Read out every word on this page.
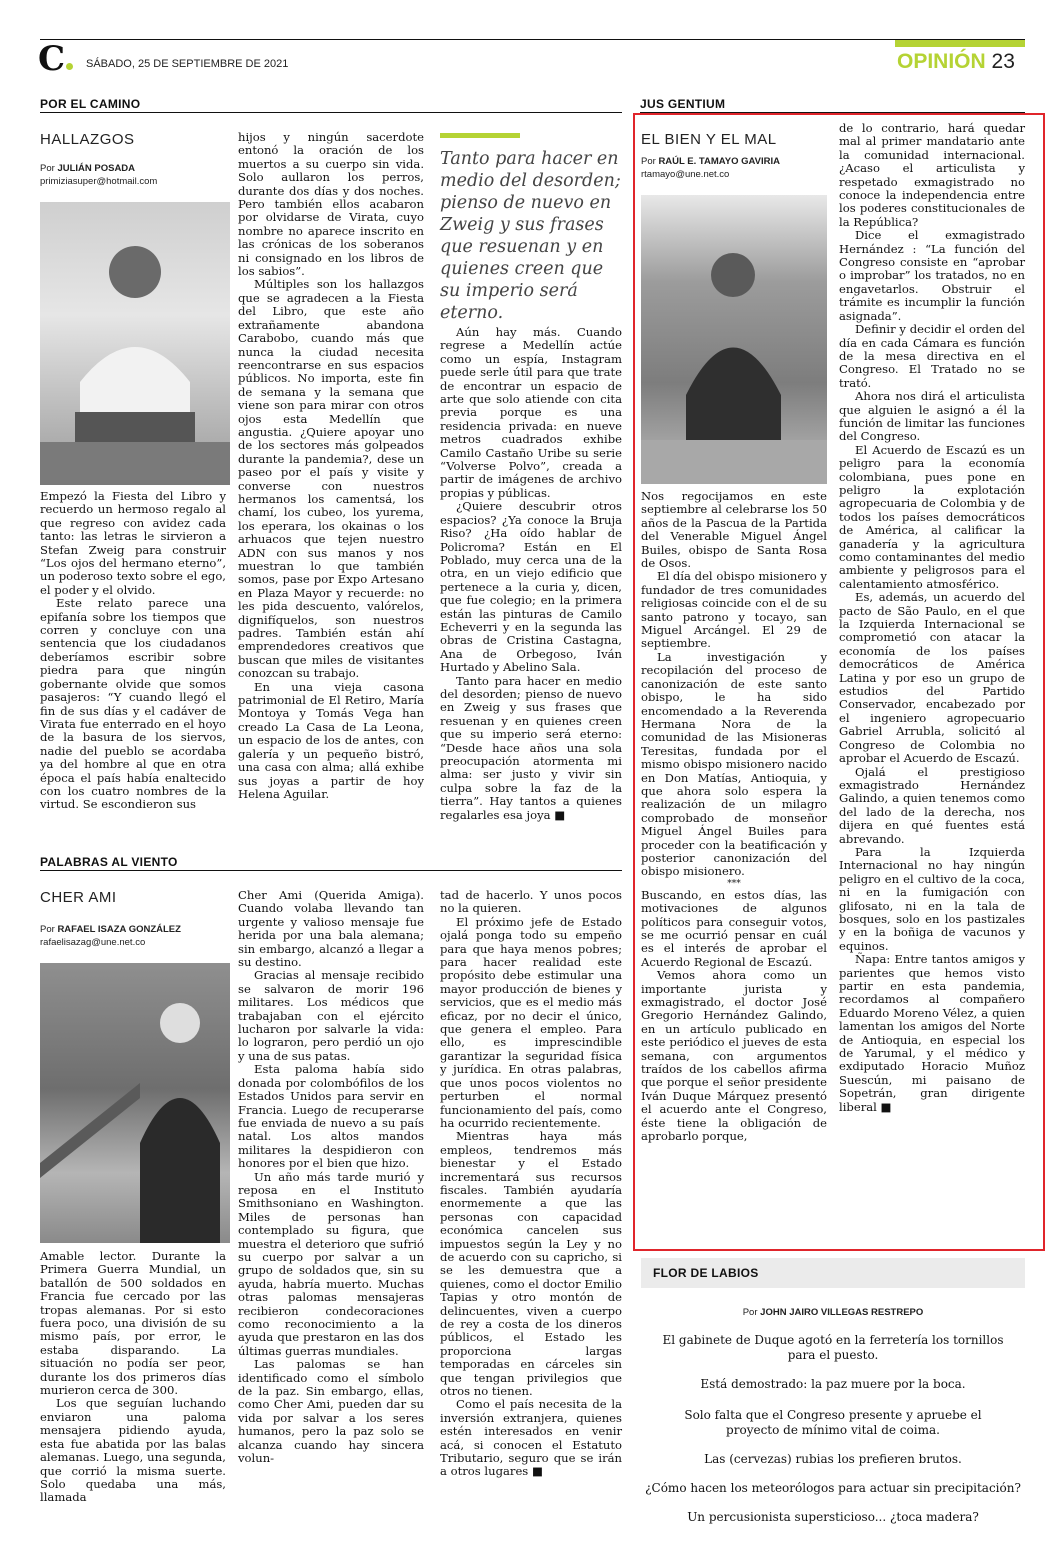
C	SÁBADO, 25 DE SEPTIEMBRE DE 2021	OPINIÓN 23
POR EL CAMINO
HALLAZGOS
Por JULIÁN POSADA
primiziasuper@hotmail.com

Empezó la Fiesta del Libro y recuerdo un hermoso regalo al que regreso con avidez cada tanto: las letras le sirvieron a Stefan Zweig para construir “Los ojos del hermano eterno”, un poderoso texto sobre el ego, el poder y el olvido.

Este relato parece una epifanía sobre los tiempos que corren y concluye con una sentencia que los ciudadanos deberíamos escribir sobre piedra para que ningún gobernante olvide que somos pasajeros: “Y cuando llegó el fin de sus días y el cadáver de Virata fue enterrado en el hoyo de la basura de los siervos, nadie del pueblo se acordaba ya del hombre al que en otra época el país había enaltecido con los cuatro nombres de la virtud. Se escondieron sus

hijos y ningún sacerdote entonó la oración de los muertos a su cuerpo sin vida. Solo aullaron los perros, durante dos días y dos noches. Pero también ellos acabaron por olvidarse de Virata, cuyo nombre no aparece inscrito en las crónicas de los soberanos ni consignado en los libros de los sabios”.

Múltiples son los hallazgos que se agradecen a la Fiesta del Libro, que este año extrañamente abandona Carabobo, cuando más que nunca la ciudad necesita reencontrarse en sus espacios públicos. No importa, este fin de semana y la semana que viene son para mirar con otros ojos esta Medellín que angustia. ¿Quiere apoyar uno de los sectores más golpeados durante la pandemia?, dese un paseo por el país y visite y converse con nuestros hermanos los camentsá, los chamí, los cubeo, los yurema, los eperara, los okainas o los arhuacos que tejen nuestro ADN con sus manos y nos muestran lo que también somos, pase por Expo Artesano en Plaza Mayor y recuerde: no les pida descuento, valórelos, dignifíquelos, son nuestros padres. También están ahí emprendedores creativos que buscan que miles de visitantes conozcan su trabajo.

En una vieja casona patrimonial de El Retiro, María Montoya y Tomás Vega han creado La Casa de La Leona, un espacio de los de antes, con galería y un pequeño bistró, una casa con alma; allá exhibe sus joyas a partir de hoy Helena Aguilar.

Tanto para hacer en medio del desorden; pienso de nuevo en Zweig y sus frases que resuenan y en quienes creen que su imperio será eterno.

Aún hay más. Cuando regrese a Medellín actúe como un espía, Instagram puede serle útil para que trate de encontrar un espacio de arte que solo atiende con cita previa porque es una residencia privada: en nueve metros cuadrados exhibe Camilo Castaño Uribe su serie “Volverse Polvo”, creada a partir de imágenes de archivo propias y públicas.

¿Quiere descubrir otros espacios? ¿Ya conoce la Bruja Riso? ¿Ha oído hablar de Policroma? Están en El Poblado, muy cerca una de la otra, en un viejo edificio que pertenece a la curia y, dicen, que fue colegio; en la primera están las pinturas de Camilo Echeverri y en la segunda las obras de Cristina Castagna, Ana de Orbegoso, Iván Hurtado y Abelino Sala.

Tanto para hacer en medio del desorden; pienso de nuevo en Zweig y sus frases que resuenan y en quienes creen que su imperio será eterno: “Desde hace años una sola preocupación atormenta mi alma: ser justo y vivir sin culpa sobre la faz de la tierra”. Hay tantos a quienes regalarles esa joya ■

JUS GENTIUM
EL BIEN Y EL MAL
Por RAÚL E. TAMAYO GAVIRIA
rtamayo@une.net.co

Nos regocijamos en este septiembre al celebrarse los 50 años de la Pascua de la Partida del Venerable Miguel Ángel Builes, obispo de Santa Rosa de Osos.

El día del obispo misionero y fundador de tres comunidades religiosas coincide con el de su santo patrono y tocayo, san Miguel Arcángel. El 29 de septiembre.

La investigación y recopilación del proceso de canonización de este santo obispo, le ha sido encomendado a la Reverenda Hermana Nora de la comunidad de las Misioneras Teresitas, fundada por el mismo obispo misionero nacido en Don Matías, Antioquia, y que ahora solo espera la realización de un milagro comprobado de monseñor Miguel Ángel Builes para proceder con la beatificación y posterior canonización del obispo misionero.

***

Buscando, en estos días, las motivaciones de algunos políticos para conseguir votos, se me ocurrió pensar en cuál es el interés de aprobar el Acuerdo Regional de Escazú.

Vemos ahora como un importante jurista y exmagistrado, el doctor José Gregorio Hernández Galindo, en un artículo publicado en este periódico el jueves de esta semana, con argumentos traídos de los cabellos afirma que porque el señor presidente Iván Duque Márquez presentó el acuerdo ante el Congreso, éste tiene la obligación de aprobarlo porque,

de lo contrario, hará quedar mal al primer mandatario ante la comunidad internacional. ¿Acaso el articulista y respetado exmagistrado no conoce la independencia entre los poderes constitucionales de la República?

Dice el exmagistrado Hernández : “La función del Congreso consiste en “aprobar o improbar” los tratados, no en engavetarlos. Obstruir el trámite es incumplir la función asignada”.

Definir y decidir el orden del día en cada Cámara es función de la mesa directiva en el Congreso. El Tratado no se trató.

Ahora nos dirá el articulista que alguien le asignó a él la función de limitar las funciones del Congreso.

El Acuerdo de Escazú es un peligro para la economía colombiana, pues pone en peligro la explotación agropecuaria de Colombia y de todos los países democráticos de América, al calificar la ganadería y la agricultura como contaminantes del medio ambiente y peligrosos para el calentamiento atmosférico.

Es, además, un acuerdo del pacto de São Paulo, en el que la Izquierda Internacional se comprometió con atacar la economía de los países democráticos de América Latina y por eso un grupo de estudios del Partido Conservador, encabezado por el ingeniero agropecuario Gabriel Arrubla, solicitó al Congreso de Colombia no aprobar el Acuerdo de Escazú.

Ojalá el prestigioso exmagistrado Hernández Galindo, a quien tenemos como del lado de la derecha, nos dijera en qué fuentes está abrevando.

Para la Izquierda Internacional no hay ningún peligro en el cultivo de la coca, ni en la fumigación con glifosato, ni en la tala de bosques, solo en los pastizales y en la boñiga de vacunos y equinos.

Ñapa: Entre tantos amigos y parientes que hemos visto partir en esta pandemia, recordamos al compañero Eduardo Moreno Vélez, a quien lamentan los amigos del Norte de Antioquia, en especial los de Yarumal, y el médico y exdiputado Horacio Muñoz Suescún, mi paisano de Sopetrán, gran dirigente liberal ■

PALABRAS AL VIENTO
CHER AMI
Por RAFAEL ISAZA GONZÁLEZ
rafaelisazag@une.net.co

Amable lector. Durante la Primera Guerra Mundial, un batallón de 500 soldados en Francia fue cercado por las tropas alemanas. Por si esto fuera poco, una división de su mismo país, por error, le estaba disparando. La situación no podía ser peor, durante los dos primeros días murieron cerca de 300.

Los que seguían luchando enviaron una paloma mensajera pidiendo ayuda, esta fue abatida por las balas alemanas. Luego, una segunda, que corrió la misma suerte. Solo quedaba una más, llamada

Cher Ami (Querida Amiga). Cuando volaba llevando tan urgente y valioso mensaje fue herida por una bala alemana; sin embargo, alcanzó a llegar a su destino.

Gracias al mensaje recibido se salvaron de morir 196 militares. Los médicos que trabajaban con el ejército lucharon por salvarle la vida: lo lograron, pero perdió un ojo y una de sus patas.

Esta paloma había sido donada por colombófilos de los Estados Unidos para servir en Francia. Luego de recuperarse fue enviada de nuevo a su país natal. Los altos mandos militares la despidieron con honores por el bien que hizo.

Un año más tarde murió y reposa en el Instituto Smithsoniano en Washington. Miles de personas han contemplado su figura, que muestra el deterioro que sufrió su cuerpo por salvar a un grupo de soldados que, sin su ayuda, habría muerto. Muchas otras palomas mensajeras recibieron condecoraciones como reconocimiento a la ayuda que prestaron en las dos últimas guerras mundiales.

Las palomas se han identificado como el símbolo de la paz. Sin embargo, ellas, como Cher Ami, pueden dar su vida por salvar a los seres humanos, pero la paz solo se alcanza cuando hay sincera volun-

tad de hacerlo. Y unos pocos no la quieren.

El próximo jefe de Estado ojalá ponga todo su empeño para que haya menos pobres; para hacer realidad este propósito debe estimular una mayor producción de bienes y servicios, que es el medio más eficaz, por no decir el único, que genera el empleo. Para ello, es imprescindible garantizar la seguridad física y jurídica. En otras palabras, que unos pocos violentos no perturben el normal funcionamiento del país, como ha ocurrido recientemente.

Mientras haya más empleos, tendremos más bienestar y el Estado incrementará sus recursos fiscales. También ayudaría enormemente a que las personas con capacidad económica cancelen sus impuestos según la Ley y no de acuerdo con su capricho, si se les demuestra que a quienes, como el doctor Emilio Tapias y otro montón de delincuentes, viven a cuerpo de rey a costa de los dineros públicos, el Estado les proporciona largas temporadas en cárceles sin que tengan privilegios que otros no tienen.

Como el país necesita de la inversión extranjera, quienes estén interesados en venir acá, si conocen el Estatuto Tributario, seguro que se irán a otros lugares ■

FLOR DE LABIOS
Por JOHN JAIRO VILLEGAS RESTREPO
El gabinete de Duque agotó en la ferretería los tornillos para el puesto.
Está demostrado: la paz muere por la boca.
Solo falta que el Congreso presente y apruebe el proyecto de mínimo vital de coima.
Las (cervezas) rubias los prefieren brutos.
¿Cómo hacen los meteorólogos para actuar sin precipitación?
Un percusionista supersticioso... ¿toca madera?
